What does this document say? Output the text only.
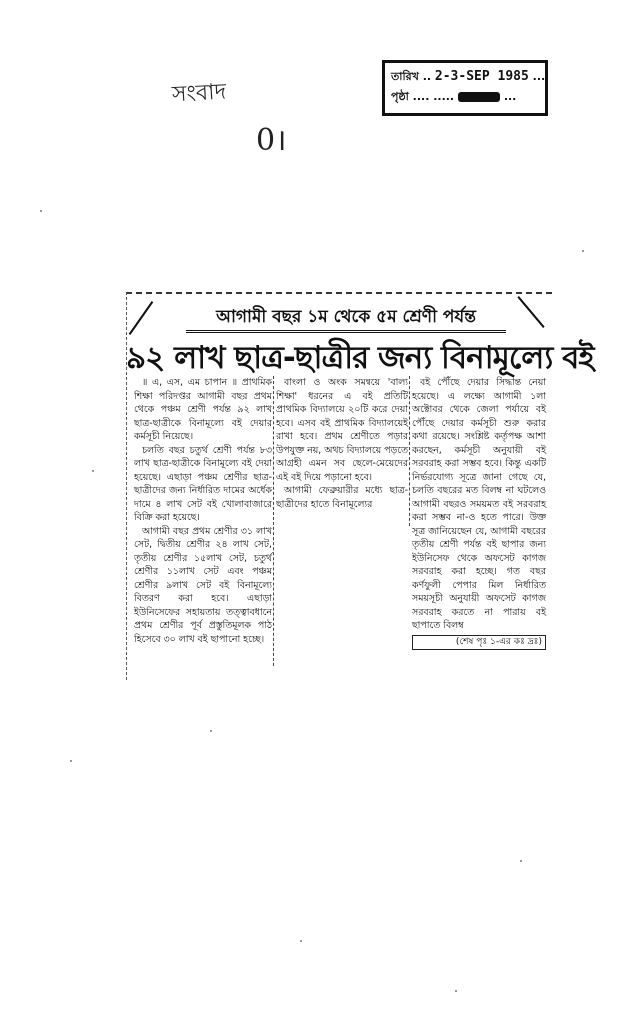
সংবাদ
0।
তারিখ .. 2-3-SEP 1985 ...
পৃষ্ঠা .... .....	...
আগামী বছর ১ম থেকে ৫ম শ্রেণী পর্যন্ত
৯২ লাখ ছাত্র-ছাত্রীর জন্য বিনামূল্যে বই

॥ এ, এস, এম চাপান ॥ প্রাথমিক শিক্ষা পরিদপ্তর আগামী বছর প্রথম থেকে পঞ্চম শ্রেণী পর্যন্ত ৯২ লাখ ছাত্র-ছাত্রীকে বিনামূল্যে বই দেয়ার কর্মসূচী নিয়েছে।

চলতি বছর চতুর্থ শ্রেণী পর্যন্ত ৮৩ লাখ ছাত্র-ছাত্রীকে বিনামূল্যে বই দেয়া হয়েছে। এছাড়া পঞ্চম শ্রেণীর ছাত্র-ছাত্রীদের জন্য নির্ধারিত দামের অর্ধেক দামে ৪ লাখ সেট বই খোলাবাজারে বিক্রি করা হয়েছে।

আগামী বছর প্রথম শ্রেণীর ৩১ লাখ সেট, দ্বিতীয় শ্রেণীর ২৪ লাখ সেট, তৃতীয় শ্রেণীর ১৫লাখ সেট, চতুর্থ শ্রেণীর ১১লাখ সেট এবং পঞ্চম শ্রেণীর ৯লাখ সেট বই বিনামূল্যে বিতরণ করা হবে। এছাড়া ইউনিসেফের সহায়তায় তত্ত্বাবধানে প্রথম শ্রেণীর পূর্ব প্রস্তুতিমূলক পাঠ হিসেবে ৩০ লাখ বই ছাপানো হচ্ছে।

বাংলা ও অংক সমন্বয়ে 'বাল্য শিক্ষা' ধরনের এ বই প্রতিটি প্রাথমিক বিদ্যালয়ে ২০টি করে দেয়া হবে। এসব বই প্রাথমিক বিদ্যালয়েই রাখা হবে। প্রথম শ্রেণীতে পড়ার উপযুক্ত নয়, অথচ বিদ্যালয়ে পড়তে আগ্রহী এমন সব ছেলে-মেয়েদের এই বই দিয়ে পড়ানো হবে।

আগামী ফেব্রুয়ারীর মধ্যে ছাত্র-ছাত্রীদের হাতে বিনামূল্যের

বই পৌঁছে দেয়ার সিদ্ধান্ত নেয়া হয়েছে। এ লক্ষ্যে আগামী ১লা অক্টোবর থেকে জেলা পর্যায়ে বই পৌঁছে দেয়ার কর্মসূচী শুরু করার কথা রয়েছে। সংশ্লিষ্ট কর্তৃপক্ষ আশা করছেন, কর্মসূচী অনুযায়ী বই সরবরাহ করা সম্ভব হবে। কিন্তু একটি নির্ভরযোগ্য সূত্রে জানা গেছে যে, চলতি বছরের মত বিলম্ব না ঘটলেও আগামী বছরও সময়মত বই সরবরাহ করা সম্ভব না-ও হতে পারে। উক্ত সূত্র জানিয়েছেন যে, আগামী বছরের তৃতীয় শ্রেণী পর্যন্ত বই ছাপার জন্য ইউনিসেফ থেকে অফসেট কাগজ সরবরাহ করা হচ্ছে। গত বছর কর্ণফুলী পেপার মিল নির্ধারিত সময়সূচী অনুযায়ী অফসেট কাগজ সরবরাহ করতে না পারায় বই ছাপাতে বিলম্ব

(শেষ পৃঃ ১-এর কঃ দ্রঃ)
